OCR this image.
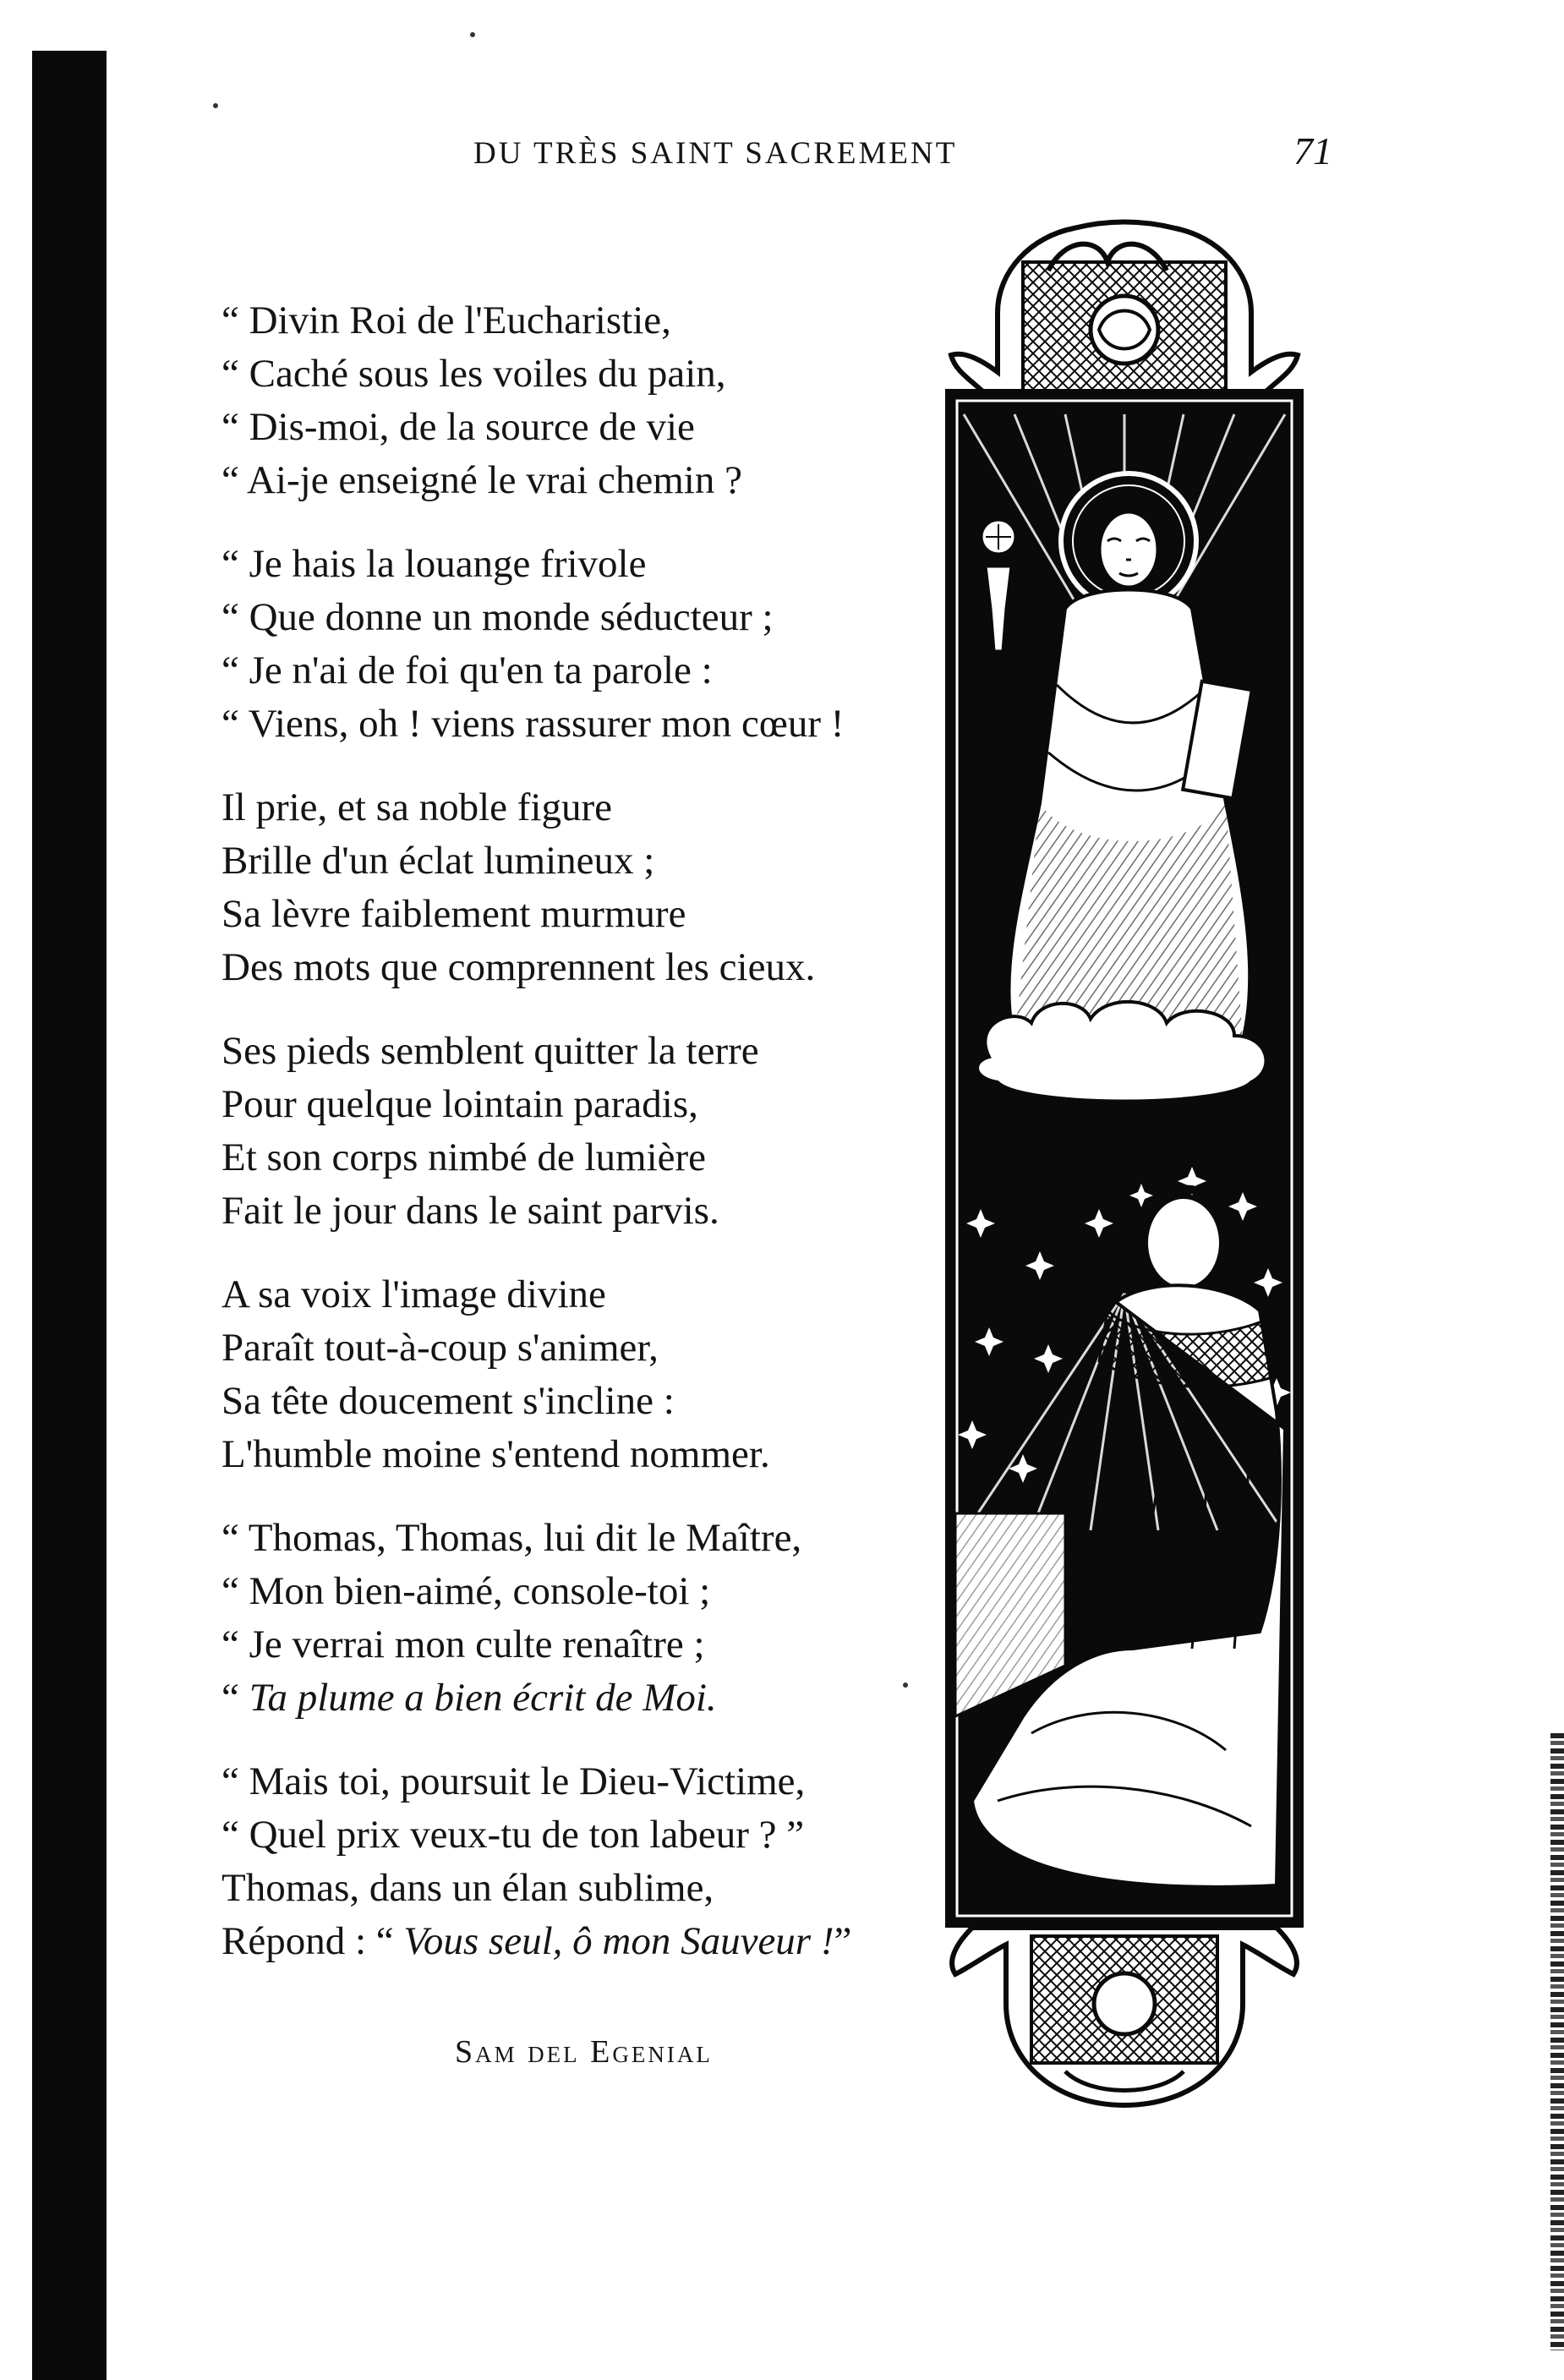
DU TRÈS SAINT SACREMENT	71
“ Divin Roi de l'Eucharistie,
“ Caché sous les voiles du pain,
“ Dis-moi, de la source de vie
“ Ai-je enseigné le vrai chemin ?
“ Je hais la louange frivole
“ Que donne un monde séducteur ;
“ Je n'ai de foi qu'en ta parole :
“ Viens, oh ! viens rassurer mon cœur !
Il prie, et sa noble figure
Brille d'un éclat lumineux ;
Sa lèvre faiblement murmure
Des mots que comprennent les cieux.
Ses pieds semblent quitter la terre
Pour quelque lointain paradis,
Et son corps nimbé de lumière
Fait le jour dans le saint parvis.
A sa voix l'image divine
Paraît tout-à-coup s'animer,
Sa tête doucement s'incline :
L'humble moine s'entend nommer.
“ Thomas, Thomas, lui dit le Maître,
“ Mon bien-aimé, console-toi ;
“ Je verrai mon culte renaître ;
“ Ta plume a bien écrit de Moi.
“ Mais toi, poursuit le Dieu-Victime,
“ Quel prix veux-tu de ton labeur ? ”
Thomas, dans un élan sublime,
Répond : “ Vous seul, ô mon Sauveur !”
Sam del Egenial
